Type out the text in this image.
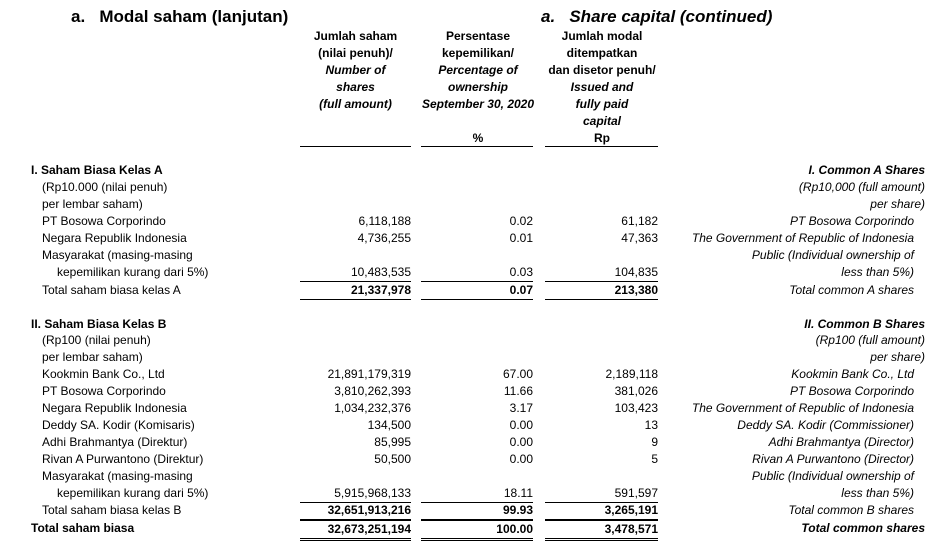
a.   Modal saham (lanjutan)	a.   Share capital (continued)
Jumlah saham
(nilai penuh)/
Number of
shares
(full amount)
Persentase
kepemilikan/
Percentage of
ownership
September 30, 2020
%
Jumlah modal
ditempatkan
dan disetor penuh/
Issued and
fully paid
capital
Rp
I. Saham Biasa Kelas A	I. Common A Shares
(Rp10.000 (nilai penuh)	(Rp10,000 (full amount)
per lembar saham)	per share)
PT Bosowa Corporindo	6,118,188	0.02	61,182	PT Bosowa Corporindo
Negara Republik Indonesia	4,736,255	0.01	47,363	The Government of Republic of Indonesia
Masyarakat (masing-masing	Public (Individual ownership of
kepemilikan kurang dari 5%)	10,483,535	0.03	104,835	less than 5%)
Total saham biasa kelas A	21,337,978	0.07	213,380	Total common A shares
II. Saham Biasa Kelas B	II. Common B Shares
(Rp100 (nilai penuh)	(Rp100 (full amount)
per lembar saham)	per share)
Kookmin Bank Co., Ltd	21,891,179,319	67.00	2,189,118	Kookmin Bank Co., Ltd
PT Bosowa Corporindo	3,810,262,393	11.66	381,026	PT Bosowa Corporindo
Negara Republik Indonesia	1,034,232,376	3.17	103,423	The Government of Republic of Indonesia
Deddy SA. Kodir (Komisaris)	134,500	0.00	13	Deddy SA. Kodir (Commissioner)
Adhi Brahmantya (Direktur)	85,995	0.00	9	Adhi Brahmantya (Director)
Rivan A Purwantono (Direktur)	50,500	0.00	5	Rivan A Purwantono (Director)
Masyarakat (masing-masing	Public (Individual ownership of
kepemilikan kurang dari 5%)	5,915,968,133	18.11	591,597	less than 5%)
Total saham biasa kelas B	32,651,913,216	99.93	3,265,191	Total common B shares
Total saham biasa	32,673,251,194	100.00	3,478,571	Total common shares
